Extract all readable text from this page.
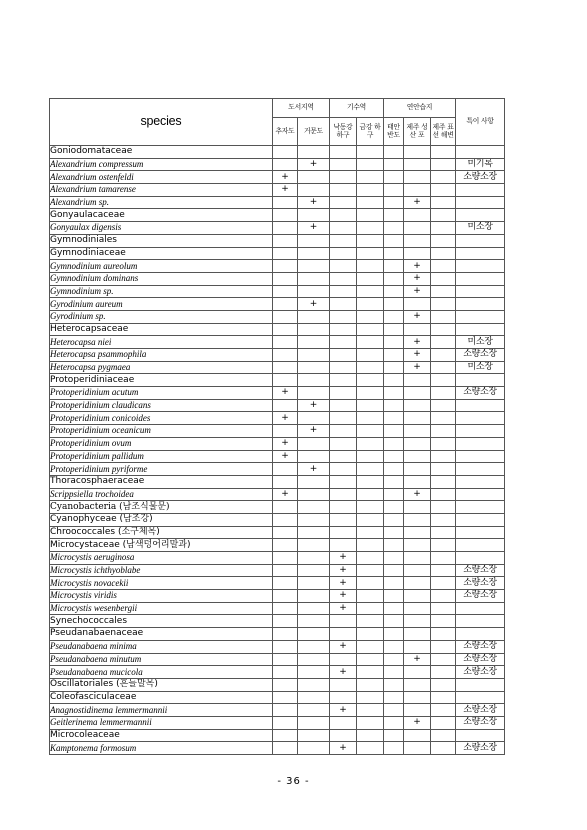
species	도서지역		기수역		연안습지			특이 사항
	추자도	거문도	낙동강 하구	금강 하구	태안 반도	제주 성산 포	제주 표선 해변	
Goniodomataceae								
Alexandrium compressum		+						미기록
Alexandrium ostenfeldi	+							소량소장
Alexandrium tamarense	+							
Alexandrium sp.		+				+		
Gonyaulacaceae								
Gonyaulax digensis		+						미소장
Gymnodiniales								
Gymnodiniaceae								
Gymnodinium aureolum						+		
Gymnodinium dominans						+		
Gymnodinium sp.						+		
Gyrodinium aureum		+						
Gyrodinium sp.						+		
Heterocapsaceae								
Heterocapsa niei						+		미소장
Heterocapsa psammophila						+		소량소장
Heterocapsa pygmaea						+		미소장
Protoperidiniaceae								
Protoperidinium acutum	+							소량소장
Protoperidinium claudicans		+						
Protoperidinium conicoides	+							
Protoperidinium oceanicum		+						
Protoperidinium ovum	+							
Protoperidinium pallidum	+							
Protoperidinium pyriforme		+						
Thoracosphaeraceae								
Scrippsiella trochoidea	+					+		
Cyanobacteria (남조식물문)								
Cyanophyceae (남조강)								
Chroococcales (소구체목)								
Microcystaceae (남색덩어리말과)								
Microcystis aeruginosa			+					
Microcystis ichthyoblabe			+					소량소장
Microcystis novacekii			+					소량소장
Microcystis viridis			+					소량소장
Microcystis wesenbergii			+					
Synechococcales								
Pseudanabaenaceae								
Pseudanabaena minima			+					소량소장
Pseudanabaena minutum						+		소량소장
Pseudanabaena mucicola			+					소량소장
Oscillatoriales (흔들말목)								
Coleofasciculaceae								
Anagnostidinema lemmermannii			+					소량소장
Geitlerinema lemmermannii						+		소량소장
Microcoleaceae								
Kamptonema formosum			+					소량소장
- 36 -
